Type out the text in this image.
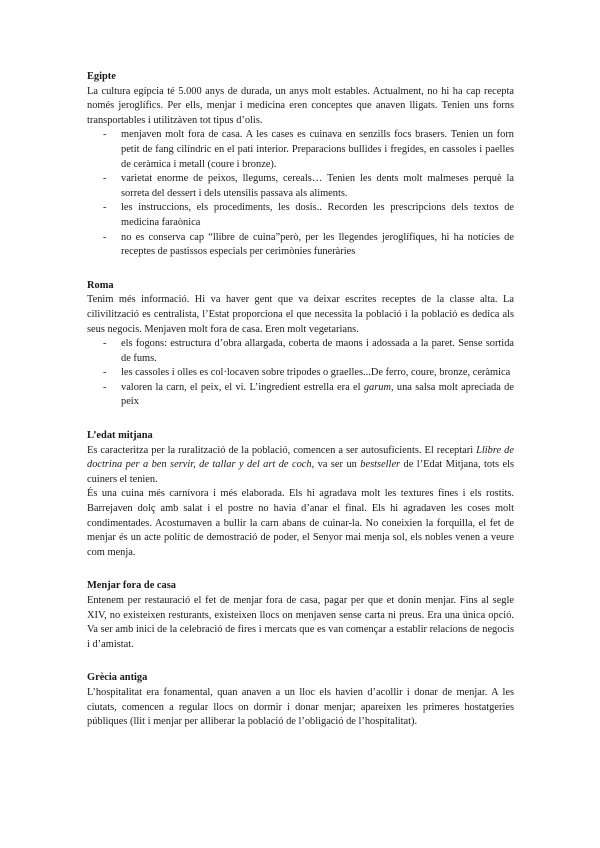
Egipte

La cultura egípcia té 5.000 anys de durada, un anys molt estables. Actualment, no hi ha cap recepta només jeroglífics. Per ells, menjar i medicina eren conceptes que anaven lligats. Tenien uns forns transportables i utilitzàven tot tipus d’olis.

- menjaven molt fora de casa. A les cases es cuinava en senzills focs brasers. Tenien un forn petit de fang cilíndric en el pati interior. Preparacions bullides i fregides, en cassoles i paelles de ceràmica i metall (coure i bronze).
- varietat enorme de peixos, llegums, cereals… Tenien les dents molt malmeses perquè la sorreta del dessert i dels utensilis passava als aliments.
- les instruccions, els procediments, les dosis.. Recorden les prescripcions dels textos de medicina faraònica
- no es conserva cap “llibre de cuina”però, per les llegendes jeroglífiques, hi ha notícies de receptes de pastissos especials per cerimònies funeràries
Roma

Tenim més informació. Hi va haver gent que va deixar escrites receptes de la classe alta. La cilivilització es centralista, l’Estat proporciona el que necessita la població i la població es dedica als seus negocis. Menjaven molt fora de casa. Eren molt vegetarians.

- els fogons: estructura d’obra allargada, coberta de maons i adossada a la paret. Sense sortida de fums.
- les cassoles i olles es col·locaven sobre tripodes o graelles...De ferro, coure, bronze, ceràmica
- valoren la carn, el peix, el vi. L’ingredient estrella era el garum, una salsa molt apreciada de peix
L’edat mitjana

Es caracteritza per la ruralització de la població, comencen a ser autosuficients. El receptari Llibre de doctrina per a ben servir, de tallar y del art de coch, va ser un bestseller de l’Edat Mitjana, tots els cuiners el tenien.

És una cuina més carnívora i més elaborada. Els hi agradava molt les textures fines i els rostits. Barrejaven dolç amb salat i el postre no havia d’anar el final. Els hi agradaven les coses molt condimentades. Acostumaven a bullir la carn abans de cuinar-la. No coneixien la forquilla, el fet de menjar és un acte polític de demostració de poder, el Senyor mai menja sol, els nobles venen a veure com menja.

Menjar fora de casa

Entenem per restauració el fet de menjar fora de casa, pagar per que et donin menjar. Fins al segle XIV, no existeixen resturants, existeixen llocs on menjaven sense carta ni preus. Era una única opció. Va ser amb inici de la celebració de fires i mercats que es van començar a establir relacions de negocis i d’amistat.

Grècia antiga

L’hospitalitat era fonamental, quan anaven a un lloc els havien d’acollir i donar de menjar. A les ciutats, comencen a regular llocs on dormir i donar menjar; apareixen les primeres hostatgeries públiques (llit i menjar per alliberar la població de l’obligació de l’hospitalitat).
